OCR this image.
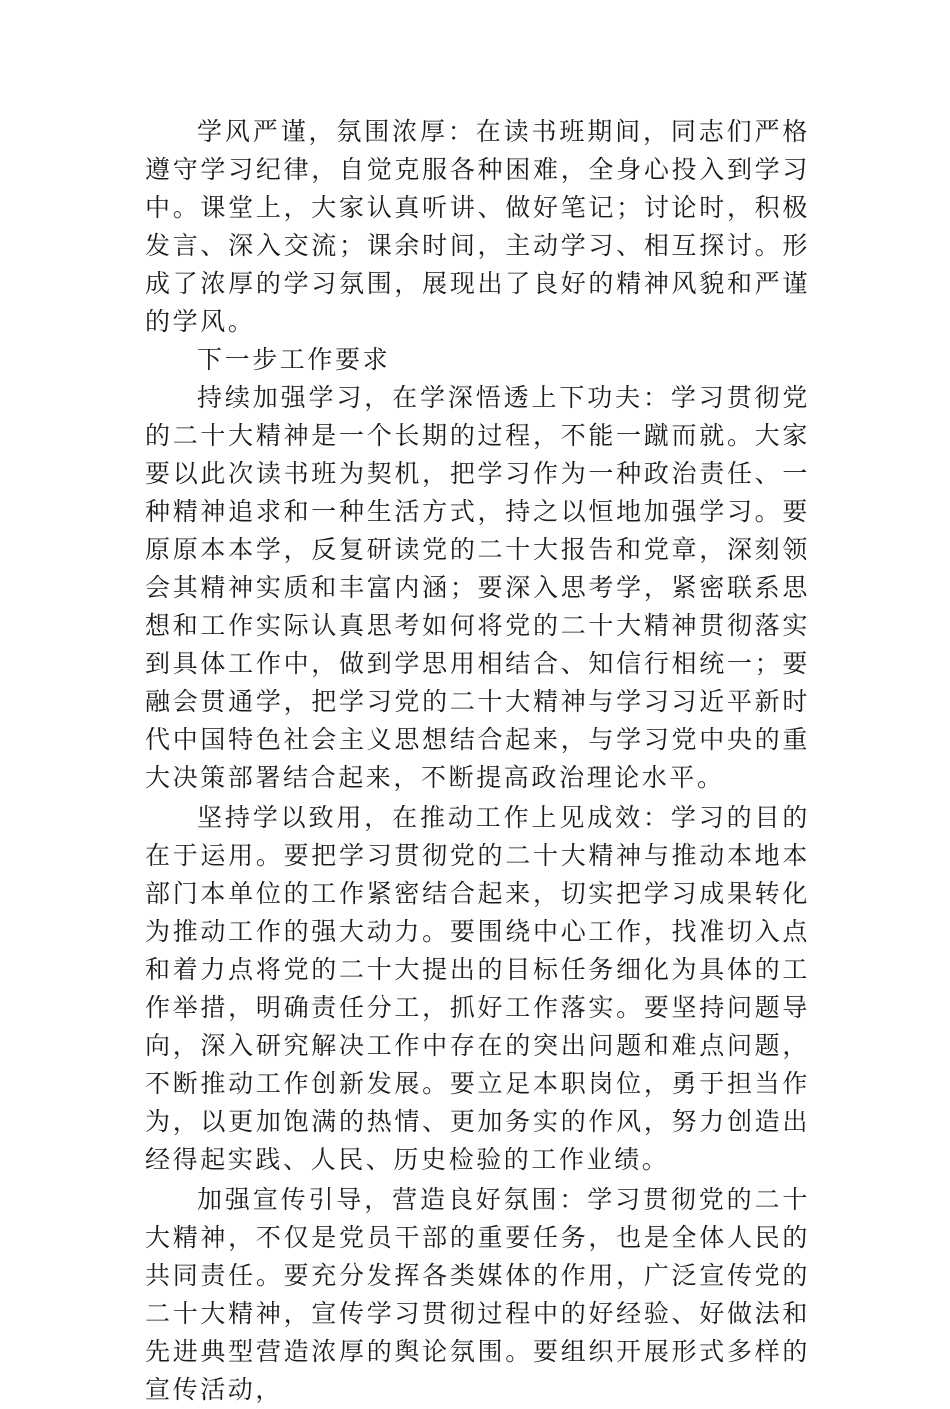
学风严谨，氛围浓厚：在读书班期间，同志们严格遵守学习纪律，自觉克服各种困难，全身心投入到学习中。课堂上，大家认真听讲、做好笔记；讨论时，积极发言、深入交流；课余时间，主动学习、相互探讨。形成了浓厚的学习氛围，展现出了良好的精神风貌和严谨的学风。

下一步工作要求

持续加强学习，在学深悟透上下功夫：学习贯彻党的二十大精神是一个长期的过程，不能一蹴而就。大家要以此次读书班为契机，把学习作为一种政治责任、一种精神追求和一种生活方式，持之以恒地加强学习。要原原本本学，反复研读党的二十大报告和党章，深刻领会其精神实质和丰富内涵；要深入思考学，紧密联系思想和工作实际认真思考如何将党的二十大精神贯彻落实到具体工作中，做到学思用相结合、知信行相统一；要融会贯通学，把学习党的二十大精神与学习习近平新时代中国特色社会主义思想结合起来，与学习党中央的重大决策部署结合起来，不断提高政治理论水平。

坚持学以致用，在推动工作上见成效：学习的目的在于运用。要把学习贯彻党的二十大精神与推动本地本部门本单位的工作紧密结合起来，切实把学习成果转化为推动工作的强大动力。要围绕中心工作，找准切入点和着力点将党的二十大提出的目标任务细化为具体的工作举措，明确责任分工，抓好工作落实。要坚持问题导向，深入研究解决工作中存在的突出问题和难点问题，不断推动工作创新发展。要立足本职岗位，勇于担当作为，以更加饱满的热情、更加务实的作风，努力创造出经得起实践、人民、历史检验的工作业绩。

加强宣传引导，营造良好氛围：学习贯彻党的二十大精神，不仅是党员干部的重要任务，也是全体人民的共同责任。要充分发挥各类媒体的作用，广泛宣传党的二十大精神，宣传学习贯彻过程中的好经验、好做法和先进典型营造浓厚的舆论氛围。要组织开展形式多样的宣传活动，
